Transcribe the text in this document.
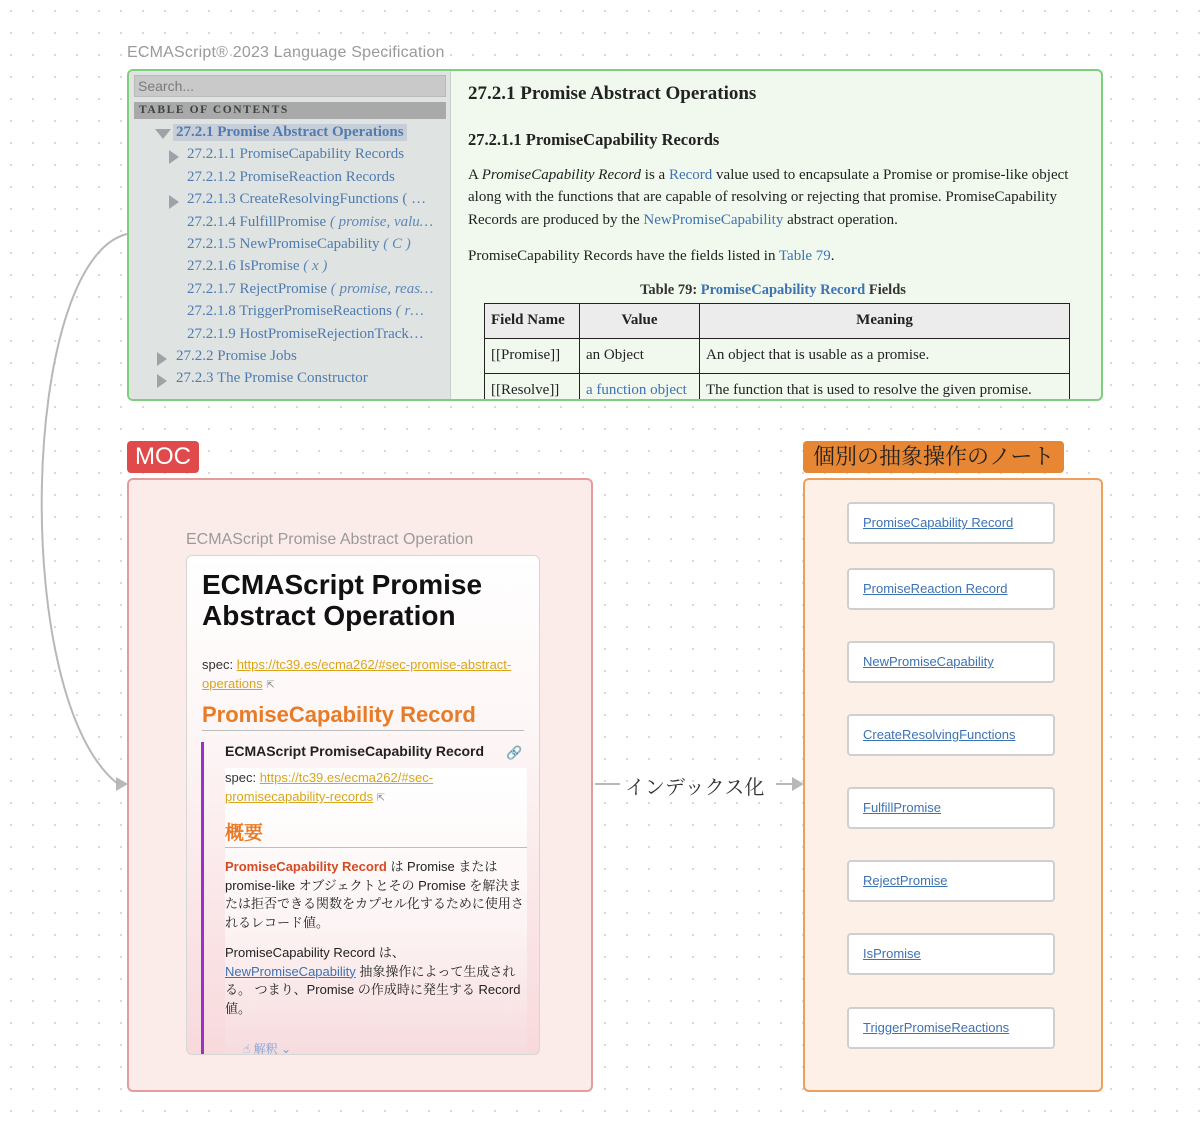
ECMAScript® 2023 Language Specification
Search...
TABLE OF CONTENTS
27.2.1 Promise Abstract Operations
27.2.1.1 PromiseCapability Records
27.2.1.2 PromiseReaction Records
27.2.1.3 CreateResolvingFunctions ( …
27.2.1.4 FulfillPromise ( promise, valu…
27.2.1.5 NewPromiseCapability ( C )
27.2.1.6 IsPromise ( x )
27.2.1.7 RejectPromise ( promise, reas…
27.2.1.8 TriggerPromiseReactions ( r…
27.2.1.9 HostPromiseRejectionTrack…
27.2.2 Promise Jobs
27.2.3 The Promise Constructor
27.2.1 Promise Abstract Operations
27.2.1.1 PromiseCapability Records

A PromiseCapability Record is a Record value used to encapsulate a Promise or promise-like object along with the functions that are capable of resolving or rejecting that promise. PromiseCapability Records are produced by the NewPromiseCapability abstract operation.

PromiseCapability Records have the fields listed in Table 79.

Table 79: PromiseCapability Record Fields
Field Name	Value	Meaning
[[Promise]]	an Object	An object that is usable as a promise.
[[Resolve]]	a function object	The function that is used to resolve the given promise.
MOC
ECMAScript Promise Abstract Operation
ECMAScript Promise Abstract Operation
spec: https://tc39.es/ecma262/#sec-promise-abstract-operations ⇱
PromiseCapability Record
ECMAScript PromiseCapability Record 🔗
spec: https://tc39.es/ecma262/#sec-promisecapability-records ⇱
概要
PromiseCapability Record は Promise または promise-like オブジェクトとその Promise を解決または拒否できる関数をカプセル化するために使用されるレコード値。
PromiseCapability Record は、NewPromiseCapability 抽象操作によって生成される。 つまり、Promise の作成時に発生する Record 値。
☝ 解釈 ⌄
インデックス化
個別の抽象操作のノート
PromiseCapability Record
PromiseReaction Record
NewPromiseCapability
CreateResolvingFunctions
FulfillPromise
RejectPromise
IsPromise
TriggerPromiseReactions
